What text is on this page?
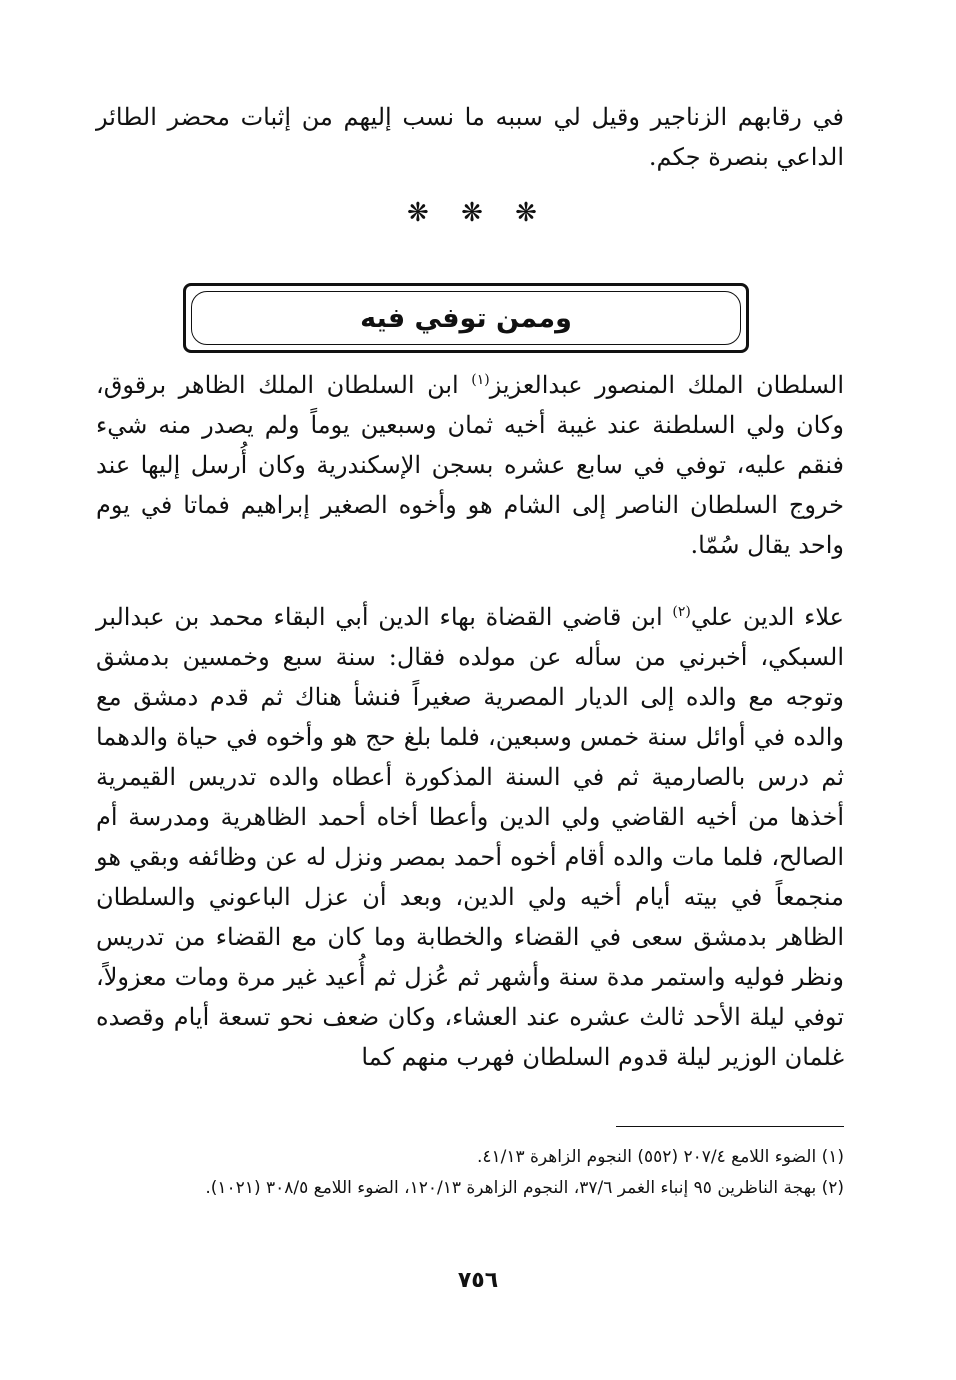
في رقابهم الزناجير وقيل لي سببه ما نسب إليهم من إثبات محضر الطائر الداعي بنصرة جكم.

❋ ❋ ❋
وممن توفي فيه

السلطان الملك المنصور عبدالعزيز$^{(١)}$ ابن السلطان الملك الظاهر برقوق، وكان ولي السلطنة عند غيبة أخيه ثمان وسبعين يوماً ولم يصدر منه شيء فنقم عليه، توفي في سابع عشره بسجن الإسكندرية وكان أُرسل إليها عند خروج السلطان الناصر إلى الشام هو وأخوه الصغير إبراهيم فماتا في يوم واحد يقال سُمّا.

علاء الدين علي$^{(٢)}$ ابن قاضي القضاة بهاء الدين أبي البقاء محمد بن عبدالبر السبكي، أخبرني من سأله عن مولده فقال: سنة سبع وخمسين بدمشق وتوجه مع والده إلى الديار المصرية صغيراً فنشأ هناك ثم قدم دمشق مع والده في أوائل سنة خمس وسبعين، فلما بلغ حج هو وأخوه في حياة والدهما ثم درس بالصارمية ثم في السنة المذكورة أعطاه والده تدريس القيمرية أخذها من أخيه القاضي ولي الدين وأعطا أخاه أحمد الظاهرية ومدرسة أم الصالح، فلما مات والده أقام أخوه أحمد بمصر ونزل له عن وظائفه وبقي هو منجمعاً في بيته أيام أخيه ولي الدين، وبعد أن عزل الباعوني والسلطان الظاهر بدمشق سعى في القضاء والخطابة وما كان مع القضاء من تدريس ونظر فوليه واستمر مدة سنة وأشهر ثم عُزل ثم أُعيد غير مرة ومات معزولاً، توفي ليلة الأحد ثالث عشره عند العشاء، وكان ضعف نحو تسعة أيام وقصده غلمان الوزير ليلة قدوم السلطان فهرب منهم كما

(١) الضوء اللامع ٢٠٧/٤ (٥٥٢) النجوم الزاهرة ٤١/١٣.

(٢) بهجة الناظرين ٩٥ إنباء الغمر ٣٧/٦، النجوم الزاهرة ١٢٠/١٣، الضوء اللامع ٣٠٨/٥ (١٠٢١).

٧٥٦
